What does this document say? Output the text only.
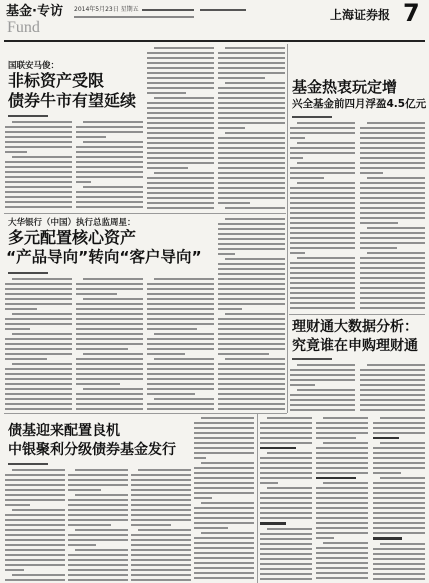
基金·专访 2014年5月23日 星期五
Fund
上海证券报 7
国联安马俊：
非标资产受限
债券牛市有望延续
基金热衷玩定增
兴全基金前四月浮盈4.5亿元
大华银行（中国）执行总监周星：
多元配置核心资产
“产品导向”转向“客户导向”
理财通大数据分析：
究竟谁在申购理财通
债基迎来配置良机
中银聚利分级债券基金发行
